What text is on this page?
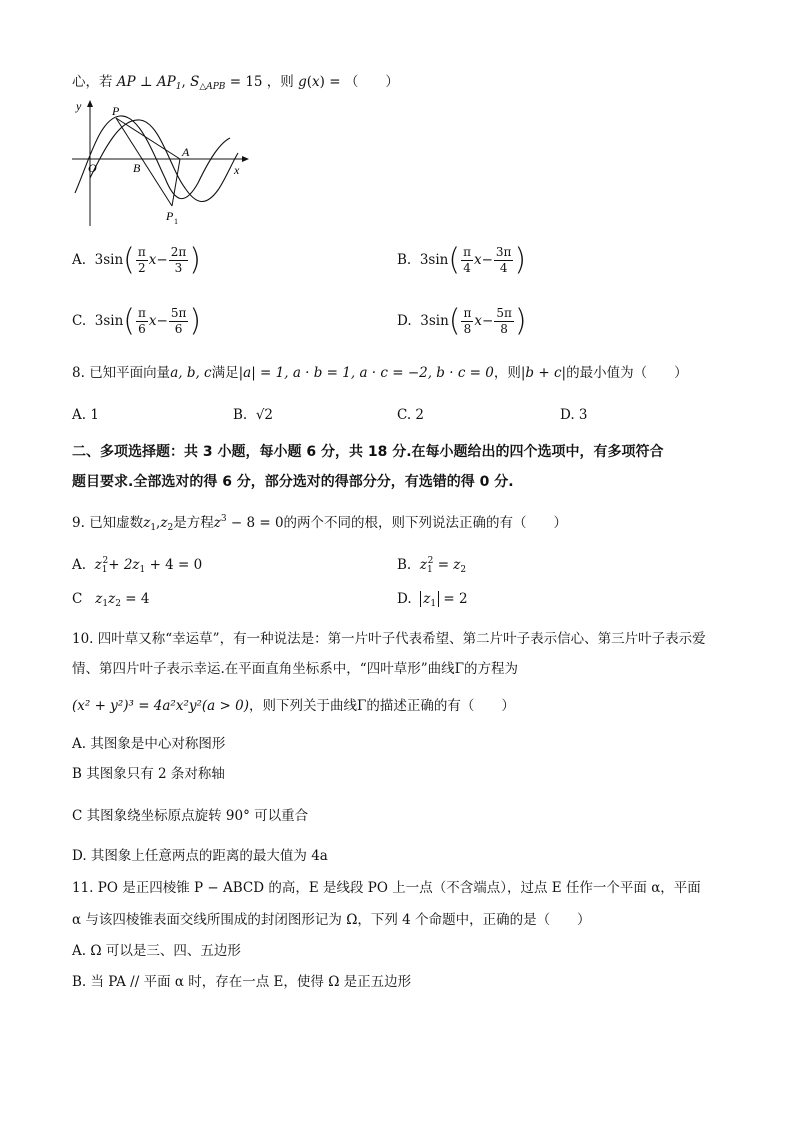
心，若 AP ⊥ $AP_1$, $S_{\triangle APB} = 15$ ，则 g(x) = （　　）
y
x
O
P
B
A
P 1
A. $3\sin( \frac{\pi}{2} x- \frac{2\pi}{3}$ )	B. $3\sin( \frac{\pi}{4} x- \frac{3\pi}{4}$ )
C. $3\sin( \frac{\pi}{6} x- \frac{5\pi}{6}$ )	D. $3\sin( \frac{\pi}{8} x- \frac{5\pi}{8}$ )
8. 已知平面向量a, b, c满足|a| = 1, a · b = 1, a · c = −2, b · c = 0，则|b + c|的最小值为（　　）
A. 1	B. √2	C. 2	D. 3
二、多项选择题：共 3 小题，每小题 6 分，共 18 分.在每小题给出的四个选项中，有多项符合
题目要求.全部选对的得 6 分，部分选对的得部分分，有选错的得 0 分.
9. 已知虚数$z_1,z_2$是方程$z^3 - 8 = 0$的两个不同的根，则下列说法正确的有（　　）
A. $z_1^2+ 2z_1 + 4 = 0$	B. $z_1^2 = z_2$
C $z_1z_2 = 4$	D. $z_1 = 2$
10. 四叶草又称“幸运草”，有一种说法是：第一片叶子代表希望、第二片叶子表示信心、第三片叶子表示爱
情、第四片叶子表示幸运.在平面直角坐标系中，“四叶草形”曲线Γ的方程为
(x² + y²)³ = 4a²x²y²(a > 0)，则下列关于曲线Γ的描述正确的有（　　）
A. 其图象是中心对称图形
B 其图象只有 2 条对称轴
C 其图象绕坐标原点旋转 90° 可以重合
D. 其图象上任意两点的距离的最大值为 4a
11. PO 是正四棱锥 P − ABCD 的高，E 是线段 PO 上一点（不含端点），过点 E 任作一个平面 α，平面
α 与该四棱锥表面交线所围成的封闭图形记为 Ω，下列 4 个命题中，正确的是（　　）
A. Ω 可以是三、四、五边形
B. 当 PA // 平面 α 时，存在一点 E，使得 Ω 是正五边形
